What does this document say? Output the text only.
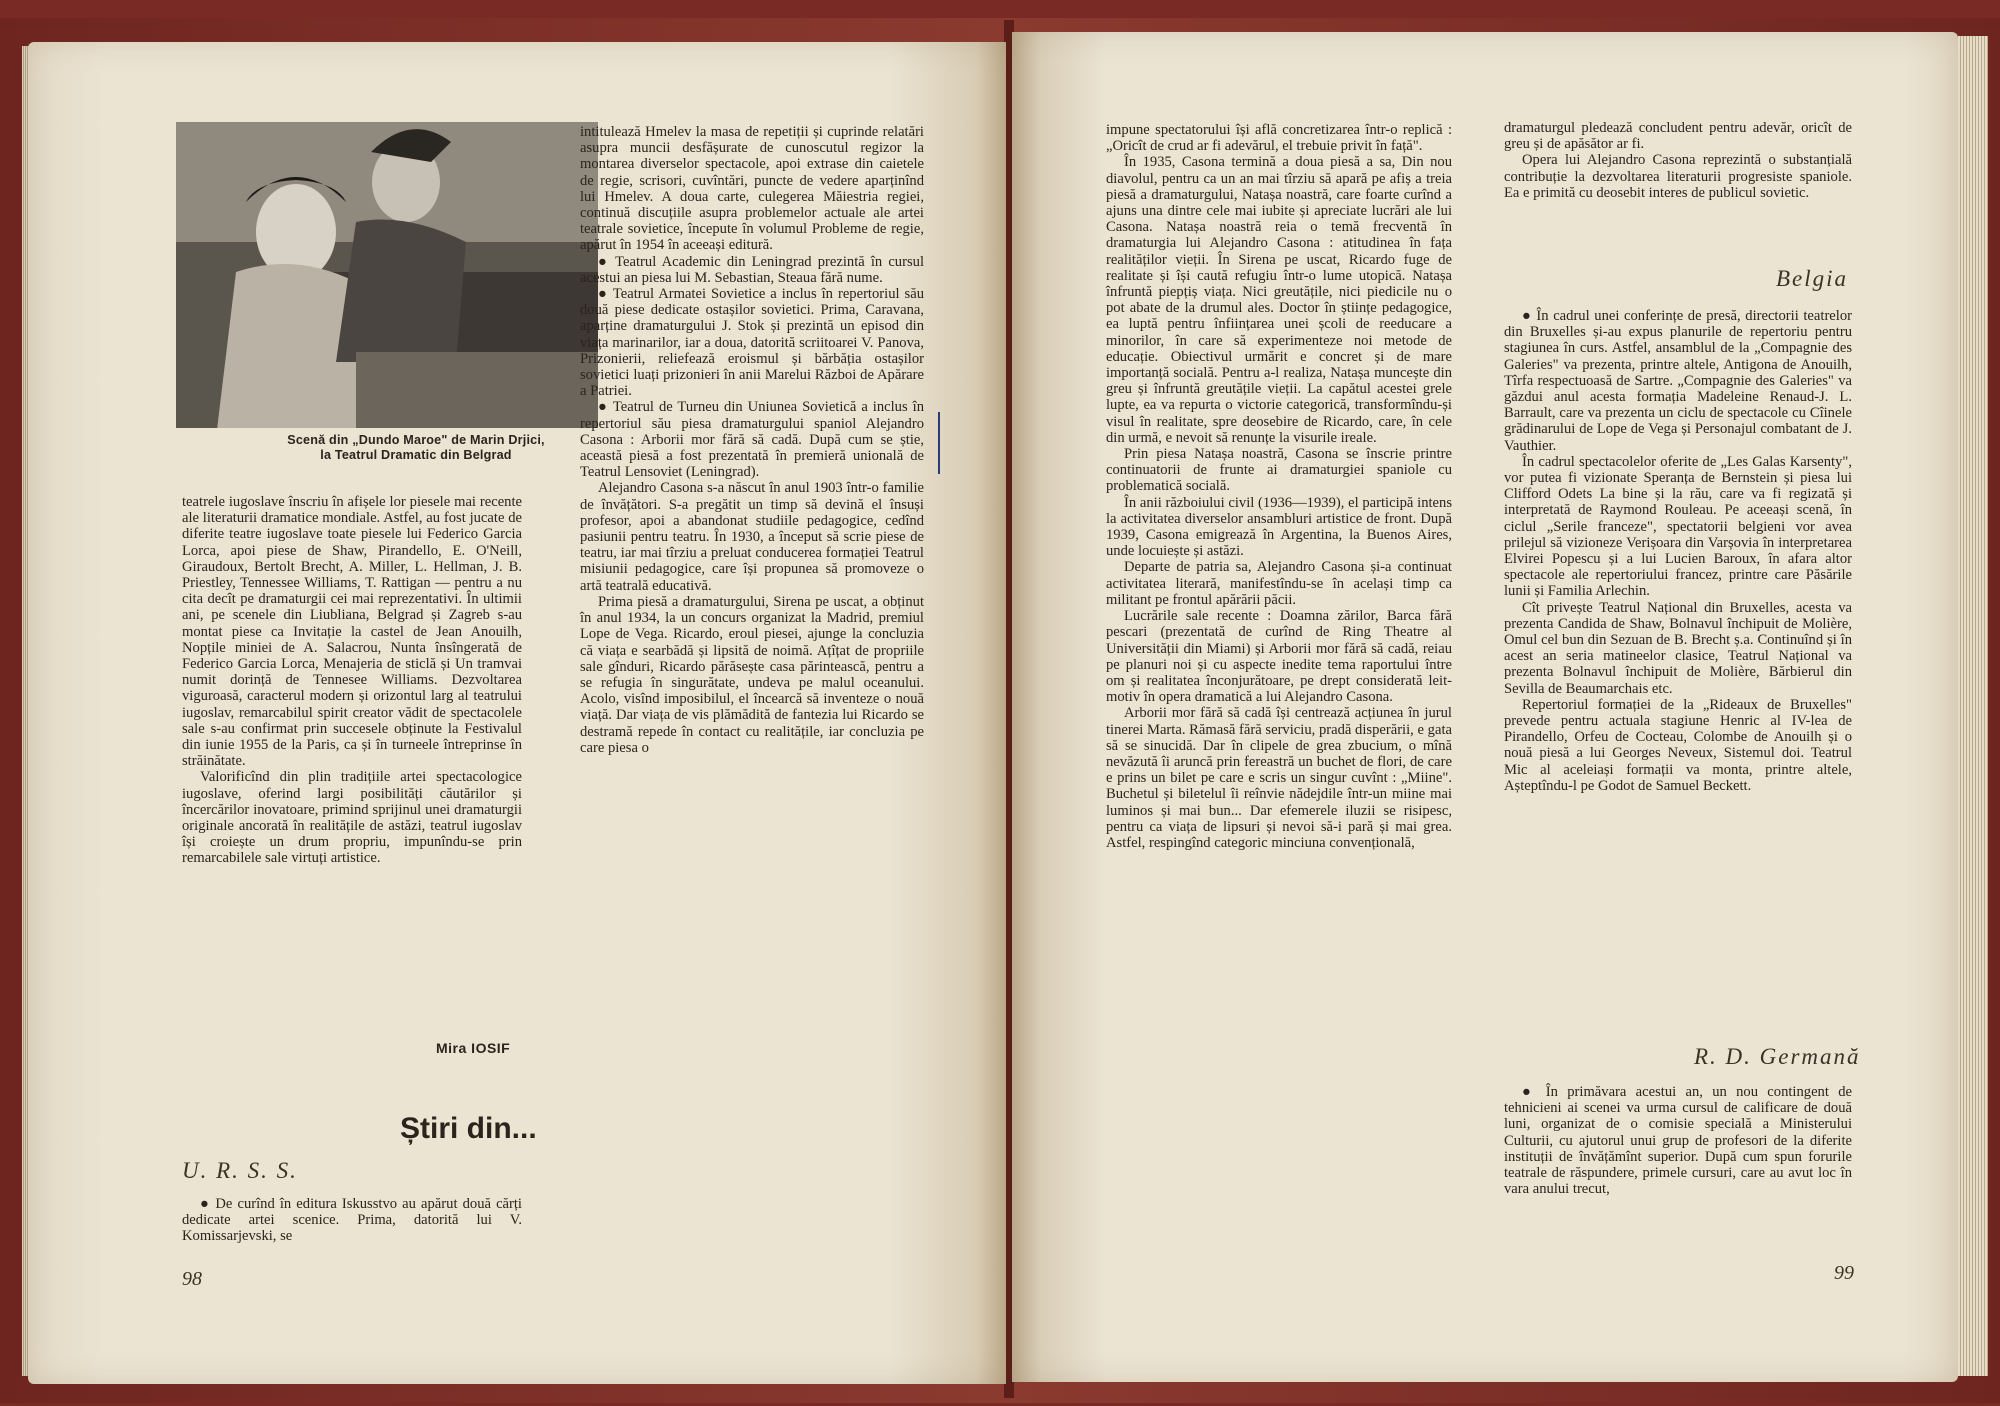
Scenă din „Dundo Maroe" de Marin Drjici,
la Teatrul Dramatic din Belgrad

teatrele iugoslave înscriu în afișele lor piesele mai recente ale literaturii dramatice mondiale. Astfel, au fost jucate de diferite teatre iugoslave toate piesele lui Federico Garcia Lorca, apoi piese de Shaw, Pirandello, E. O'Neill, Giraudoux, Bertolt Brecht, A. Miller, L. Hellman, J. B. Priestley, Tennessee Williams, T. Rattigan — pentru a nu cita decît pe dramaturgii cei mai reprezentativi. În ultimii ani, pe scenele din Liubliana, Belgrad și Zagreb s-au montat piese ca Invitație la castel de Jean Anouilh, Nopțile miniei de A. Salacrou, Nunta însîngerată de Federico Garcia Lorca, Menajeria de sticlă și Un tramvai numit dorință de Tennesee Williams. Dezvoltarea viguroasă, caracterul modern și orizontul larg al teatrului iugoslav, remarcabilul spirit creator vădit de spectacolele sale s-au confirmat prin succesele obținute la Festivalul din iunie 1955 de la Paris, ca și în turneele întreprinse în străinătate.

Valorificînd din plin tradițiile artei spectacologice iugoslave, oferind largi posibilități căutărilor și încercărilor inovatoare, primind sprijinul unei dramaturgii originale ancorată în realitățile de astăzi, teatrul iugoslav își croiește un drum propriu, impunîndu-se prin remarcabilele sale virtuți artistice.

Mira IOSIF
Știri din...
U. R. S. S.

● De curînd în editura Iskusstvo au apărut două cărți dedicate artei scenice. Prima, datorită lui V. Komissarjevski, se

98

intitulează Hmelev la masa de repetiții și cuprinde relatări asupra muncii desfășurate de cunoscutul regizor la montarea diverselor spectacole, apoi extrase din caietele de regie, scrisori, cuvîntări, puncte de vedere aparținînd lui Hmelev. A doua carte, culegerea Măiestria regiei, continuă discuțiile asupra problemelor actuale ale artei teatrale sovietice, începute în volumul Probleme de regie, apărut în 1954 în aceeași editură.

● Teatrul Academic din Leningrad prezintă în cursul acestui an piesa lui M. Sebastian, Steaua fără nume.

● Teatrul Armatei Sovietice a inclus în repertoriul său două piese dedicate ostașilor sovietici. Prima, Caravana, aparține dramaturgului J. Stok și prezintă un episod din viața marinarilor, iar a doua, datorită scriitoarei V. Panova, Prizonierii, reliefează eroismul și bărbăția ostașilor sovietici luați prizonieri în anii Marelui Război de Apărare a Patriei.

● Teatrul de Turneu din Uniunea Sovietică a inclus în repertoriul său piesa dramaturgului spaniol Alejandro Casona : Arborii mor fără să cadă. După cum se știe, această piesă a fost prezentată în premieră unională de Teatrul Lensoviet (Leningrad).

Alejandro Casona s-a născut în anul 1903 într-o familie de învățători. S-a pregătit un timp să devină el însuși profesor, apoi a abandonat studiile pedagogice, cedînd pasiunii pentru teatru. În 1930, a început să scrie piese de teatru, iar mai tîrziu a preluat conducerea formației Teatrul misiunii pedagogice, care își propunea să promoveze o artă teatrală educativă.

Prima piesă a dramaturgului, Sirena pe uscat, a obținut în anul 1934, la un concurs organizat la Madrid, premiul Lope de Vega. Ricardo, eroul piesei, ajunge la concluzia că viața e searbădă și lipsită de noimă. Ațîțat de propriile sale gînduri, Ricardo părăsește casa părintească, pentru a se refugia în singurătate, undeva pe malul oceanului. Acolo, visînd imposibilul, el încearcă să inventeze o nouă viață. Dar viața de vis plămădită de fantezia lui Ricardo se destramă repede în contact cu realitățile, iar concluzia pe care piesa o

impune spectatorului își află concretizarea într-o replică : „Oricît de crud ar fi adevărul, el trebuie privit în față".

În 1935, Casona termină a doua piesă a sa, Din nou diavolul, pentru ca un an mai tîrziu să apară pe afiș a treia piesă a dramaturgului, Natașa noastră, care foarte curînd a ajuns una dintre cele mai iubite și apreciate lucrări ale lui Casona. Natașa noastră reia o temă frecventă în dramaturgia lui Alejandro Casona : atitudinea în fața realităților vieții. În Sirena pe uscat, Ricardo fuge de realitate și își caută refugiu într-o lume utopică. Natașa înfruntă piepțiș viața. Nici greutățile, nici piedicile nu o pot abate de la drumul ales. Doctor în științe pedagogice, ea luptă pentru înființarea unei școli de reeducare a minorilor, în care să experimenteze noi metode de educație. Obiectivul urmărit e concret și de mare importanță socială. Pentru a-l realiza, Natașa muncește din greu și înfruntă greutățile vieții. La capătul acestei grele lupte, ea va repurta o victorie categorică, transformîndu-și visul în realitate, spre deosebire de Ricardo, care, în cele din urmă, e nevoit să renunțe la visurile ireale.

Prin piesa Natașa noastră, Casona se înscrie printre continuatorii de frunte ai dramaturgiei spaniole cu problematică socială.

În anii războiului civil (1936—1939), el participă intens la activitatea diverselor ansambluri artistice de front. După 1939, Casona emigrează în Argentina, la Buenos Aires, unde locuiește și astăzi.

Departe de patria sa, Alejandro Casona și-a continuat activitatea literară, manifestîndu-se în același timp ca militant pe frontul apărării păcii.

Lucrările sale recente : Doamna zărilor, Barca fără pescari (prezentată de curînd de Ring Theatre al Universității din Miami) și Arborii mor fără să cadă, reiau pe planuri noi și cu aspecte inedite tema raportului între om și realitatea înconjurătoare, pe drept considerată leit-motiv în opera dramatică a lui Alejandro Casona.

Arborii mor fără să cadă își centrează acțiunea în jurul tinerei Marta. Rămasă fără serviciu, pradă disperării, e gata să se sinucidă. Dar în clipele de grea zbucium, o mînă nevăzută îi aruncă prin fereastră un buchet de flori, de care e prins un bilet pe care e scris un singur cuvînt : „Miine". Buchetul și biletelul îi reînvie nădejdile într-un miine mai luminos și mai bun... Dar efemerele iluzii se risipesc, pentru ca viața de lipsuri și nevoi să-i pară și mai grea. Astfel, respingînd categoric minciuna convențională,

dramaturgul pledează concludent pentru adevăr, oricît de greu și de apăsător ar fi.

Opera lui Alejandro Casona reprezintă o substanțială contribuție la dezvoltarea literaturii progresiste spaniole. Ea e primită cu deosebit interes de publicul sovietic.

Belgia

● În cadrul unei conferințe de presă, directorii teatrelor din Bruxelles și-au expus planurile de repertoriu pentru stagiunea în curs. Astfel, ansamblul de la „Compagnie des Galeries" va prezenta, printre altele, Antigona de Anouilh, Tîrfa respectuoasă de Sartre. „Compagnie des Galeries" va găzdui anul acesta formația Madeleine Renaud-J. L. Barrault, care va prezenta un ciclu de spectacole cu Cîinele grădinarului de Lope de Vega și Personajul combatant de J. Vauthier.

În cadrul spectacolelor oferite de „Les Galas Karsenty", vor putea fi vizionate Speranța de Bernstein și piesa lui Clifford Odets La bine și la rău, care va fi regizată și interpretată de Raymond Rouleau. Pe aceeași scenă, în ciclul „Serile franceze", spectatorii belgieni vor avea prilejul să vizioneze Verișoara din Varșovia în interpretarea Elvirei Popescu și a lui Lucien Baroux, în afara altor spectacole ale repertoriului francez, printre care Păsările lunii și Familia Arlechin.

Cît privește Teatrul Național din Bruxelles, acesta va prezenta Candida de Shaw, Bolnavul închipuit de Molière, Omul cel bun din Sezuan de B. Brecht ș.a. Continuînd și în acest an seria matineelor clasice, Teatrul Național va prezenta Bolnavul închipuit de Molière, Bărbierul din Sevilla de Beaumarchais etc.

Repertoriul formației de la „Rideaux de Bruxelles" prevede pentru actuala stagiune Henric al IV-lea de Pirandello, Orfeu de Cocteau, Colombe de Anouilh și o nouă piesă a lui Georges Neveux, Sistemul doi. Teatrul Mic al aceleiași formații va monta, printre altele, Așteptîndu-l pe Godot de Samuel Beckett.

R. D. Germană

● În primăvara acestui an, un nou contingent de tehnicieni ai scenei va urma cursul de calificare de două luni, organizat de o comisie specială a Ministerului Culturii, cu ajutorul unui grup de profesori de la diferite instituții de învățămînt superior. După cum spun forurile teatrale de răspundere, primele cursuri, care au avut loc în vara anului trecut,

99
